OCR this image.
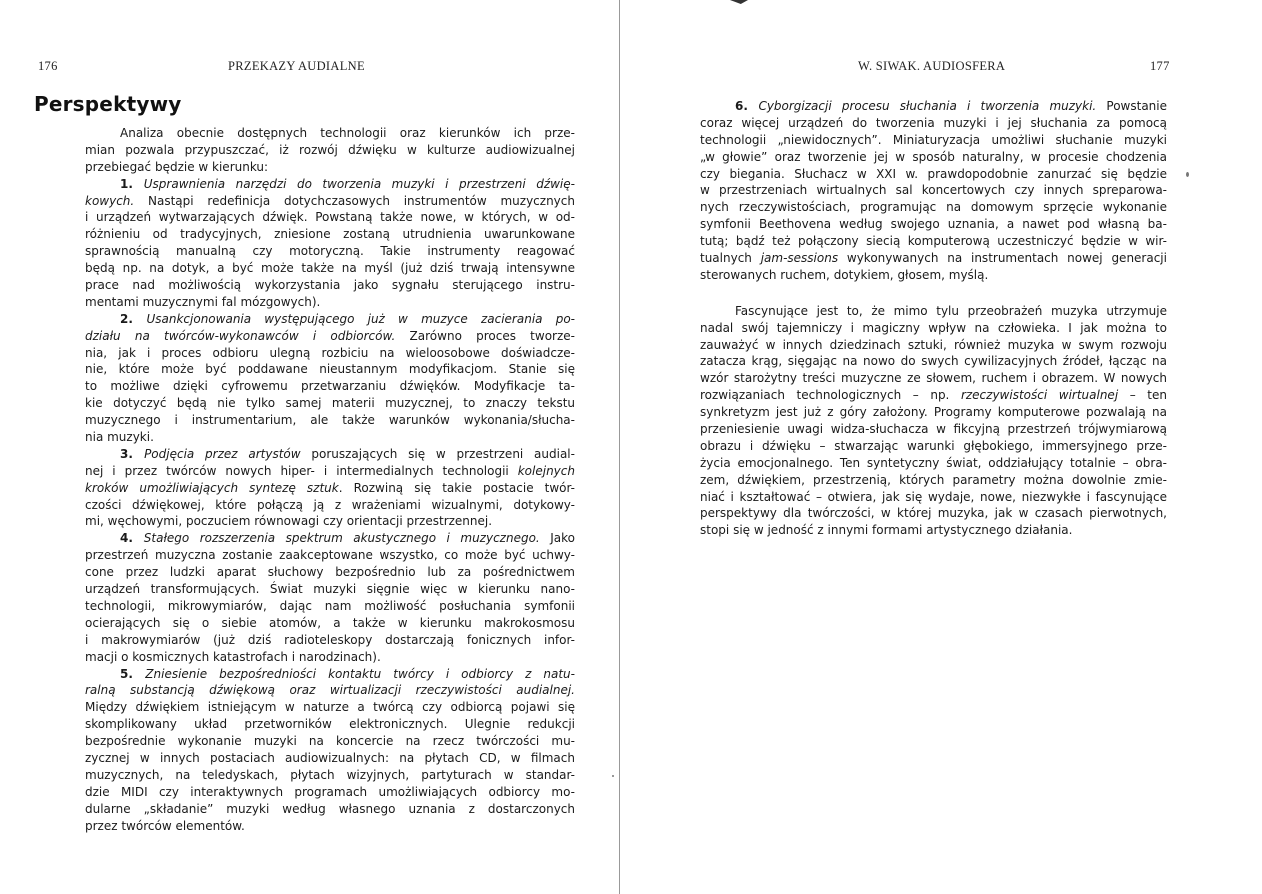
176	PRZEKAZY AUDIALNE	W. SIWAK. AUDIOSFERA	177
Perspektywy
Analiza obecnie dostępnych technologii oraz kierunków ich prze-
mian pozwala przypuszczać, iż rozwój dźwięku w kulturze audiowizualnej
przebiegać będzie w kierunku:
1. Usprawnienia narzędzi do tworzenia muzyki i przestrzeni dźwię-
kowych. Nastąpi redefinicja dotychczasowych instrumentów muzycznych
i urządzeń wytwarzających dźwięk. Powstaną także nowe, w których, w od-
różnieniu od tradycyjnych, zniesione zostaną utrudnienia uwarunkowane
sprawnością manualną czy motoryczną. Takie instrumenty reagować
będą np. na dotyk, a być może także na myśl (już dziś trwają intensywne
prace nad możliwością wykorzystania jako sygnału sterującego instru-
mentami muzycznymi fal mózgowych).
2. Usankcjonowania występującego już w muzyce zacierania po-
działu na twórców-wykonawców i odbiorców. Zarówno proces tworze-
nia, jak i proces odbioru ulegną rozbiciu na wieloosobowe doświadcze-
nie, które może być poddawane nieustannym modyfikacjom. Stanie się
to możliwe dzięki cyfrowemu przetwarzaniu dźwięków. Modyfikacje ta-
kie dotyczyć będą nie tylko samej materii muzycznej, to znaczy tekstu
muzycznego i instrumentarium, ale także warunków wykonania/słucha-
nia muzyki.
3. Podjęcia przez artystów poruszających się w przestrzeni audial-
nej i przez twórców nowych hiper- i intermedialnych technologii kolejnych
kroków umożliwiających syntezę sztuk. Rozwiną się takie postacie twór-
czości dźwiękowej, które połączą ją z wrażeniami wizualnymi, dotykowy-
mi, węchowymi, poczuciem równowagi czy orientacji przestrzennej.
4. Stałego rozszerzenia spektrum akustycznego i muzycznego. Jako
przestrzeń muzyczna zostanie zaakceptowane wszystko, co może być uchwy-
cone przez ludzki aparat słuchowy bezpośrednio lub za pośrednictwem
urządzeń transformujących. Świat muzyki sięgnie więc w kierunku nano-
technologii, mikrowymiarów, dając nam możliwość posłuchania symfonii
ocierających się o siebie atomów, a także w kierunku makrokosmosu
i makrowymiarów (już dziś radioteleskopy dostarczają fonicznych infor-
macji o kosmicznych katastrofach i narodzinach).
5. Zniesienie bezpośredniości kontaktu twórcy i odbiorcy z natu-
ralną substancją dźwiękową oraz wirtualizacji rzeczywistości audialnej.
Między dźwiękiem istniejącym w naturze a twórcą czy odbiorcą pojawi się
skomplikowany układ przetworników elektronicznych. Ulegnie redukcji
bezpośrednie wykonanie muzyki na koncercie na rzecz twórczości mu-
zycznej w innych postaciach audiowizualnych: na płytach CD, w filmach
muzycznych, na teledyskach, płytach wizyjnych, partyturach w standar-
dzie MIDI czy interaktywnych programach umożliwiających odbiorcy mo-
dularne „składanie” muzyki według własnego uznania z dostarczonych
przez twórców elementów.
6. Cyborgizacji procesu słuchania i tworzenia muzyki. Powstanie
coraz więcej urządzeń do tworzenia muzyki i jej słuchania za pomocą
technologii „niewidocznych”. Miniaturyzacja umożliwi słuchanie muzyki
„w głowie” oraz tworzenie jej w sposób naturalny, w procesie chodzenia
czy biegania. Słuchacz w XXI w. prawdopodobnie zanurzać się będzie
w przestrzeniach wirtualnych sal koncertowych czy innych spreparowa-
nych rzeczywistościach, programując na domowym sprzęcie wykonanie
symfonii Beethovena według swojego uznania, a nawet pod własną ba-
tutą; bądź też połączony siecią komputerową uczestniczyć będzie w wir-
tualnych jam-sessions wykonywanych na instrumentach nowej generacji
sterowanych ruchem, dotykiem, głosem, myślą.
Fascynujące jest to, że mimo tylu przeobrażeń muzyka utrzymuje
nadal swój tajemniczy i magiczny wpływ na człowieka. I jak można to
zauważyć w innych dziedzinach sztuki, również muzyka w swym rozwoju
zatacza krąg, sięgając na nowo do swych cywilizacyjnych źródeł, łącząc na
wzór starożytny treści muzyczne ze słowem, ruchem i obrazem. W nowych
rozwiązaniach technologicznych – np. rzeczywistości wirtualnej – ten
synkretyzm jest już z góry założony. Programy komputerowe pozwalają na
przeniesienie uwagi widza-słuchacza w fikcyjną przestrzeń trójwymiarową
obrazu i dźwięku – stwarzając warunki głębokiego, immersyjnego prze-
życia emocjonalnego. Ten syntetyczny świat, oddziałujący totalnie – obra-
zem, dźwiękiem, przestrzenią, których parametry można dowolnie zmie-
niać i kształtować – otwiera, jak się wydaje, nowe, niezwykłe i fascynujące
perspektywy dla twórczości, w której muzyka, jak w czasach pierwotnych,
stopi się w jedność z innymi formami artystycznego działania.
